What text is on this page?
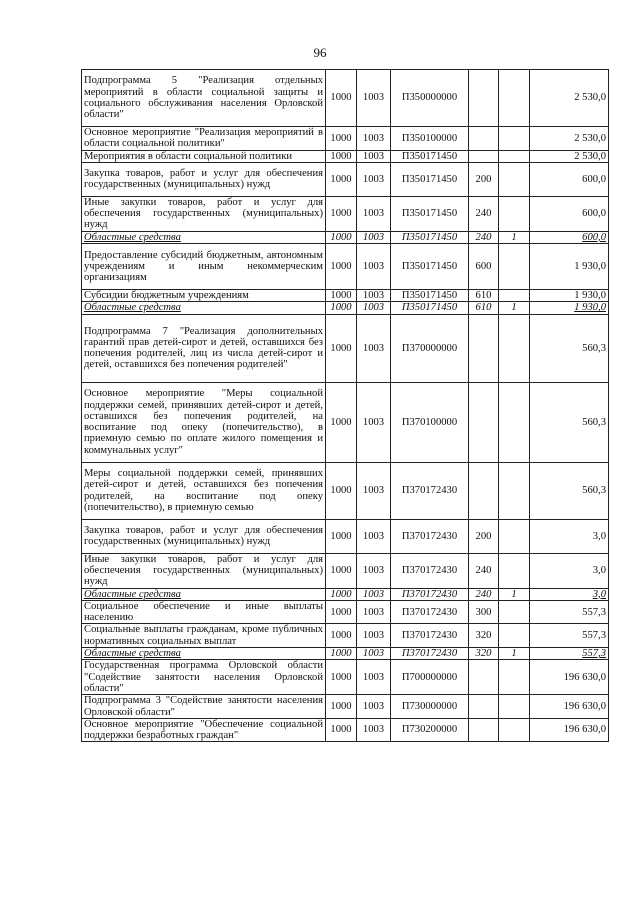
96
Подпрограмма 5 "Реализация отдельных мероприятий в области социальной защиты и социального обслуживания населения Орловской области"	1000	1003	П350000000			2 530,0
Основное мероприятие "Реализация мероприятий в области социальной политики"	1000	1003	П350100000			2 530,0
Мероприятия в области социальной политики	1000	1003	П350171450			2 530,0
Закупка товаров, работ и услуг для обеспечения государственных (муниципальных) нужд	1000	1003	П350171450	200		600,0
Иные закупки товаров, работ и услуг для обеспечения государственных (муниципальных) нужд	1000	1003	П350171450	240		600,0
Областные средства	1000	1003	П350171450	240	1	600,0
Предоставление субсидий бюджетным, автономным учреждениям и иным некоммерческим организациям	1000	1003	П350171450	600		1 930,0
Субсидии бюджетным учреждениям	1000	1003	П350171450	610		1 930,0
Областные средства	1000	1003	П350171450	610	1	1 930,0
Подпрограмма 7 "Реализация дополнительных гарантий прав детей-сирот и детей, оставшихся без попечения родителей, лиц из числа детей-сирот и детей, оставшихся без попечения родителей"	1000	1003	П370000000			560,3
Основное мероприятие "Меры социальной поддержки семей, принявших детей-сирот и детей, оставшихся без попечения родителей, на воспитание под опеку (попечительство), в приемную семью по оплате жилого помещения и коммунальных услуг"	1000	1003	П370100000			560,3
Меры социальной поддержки семей, принявших детей-сирот и детей, оставшихся без попечения родителей, на воспитание под опеку (попечительство), в приемную семью	1000	1003	П370172430			560,3
Закупка товаров, работ и услуг для обеспечения государственных (муниципальных) нужд	1000	1003	П370172430	200		3,0
Иные закупки товаров, работ и услуг для обеспечения государственных (муниципальных) нужд	1000	1003	П370172430	240		3,0
Областные средства	1000	1003	П370172430	240	1	3,0
Социальное обеспечение и иные выплаты населению	1000	1003	П370172430	300		557,3
Социальные выплаты гражданам, кроме публичных нормативных социальных выплат	1000	1003	П370172430	320		557,3
Областные средства	1000	1003	П370172430	320	1	557,3
Государственная программа Орловской области "Содействие занятости населения Орловской области"	1000	1003	П700000000			196 630,0
Подпрограмма 3 "Содействие занятости населения Орловской области"	1000	1003	П730000000			196 630,0
Основное мероприятие "Обеспечение социальной поддержки безработных граждан"	1000	1003	П730200000			196 630,0
